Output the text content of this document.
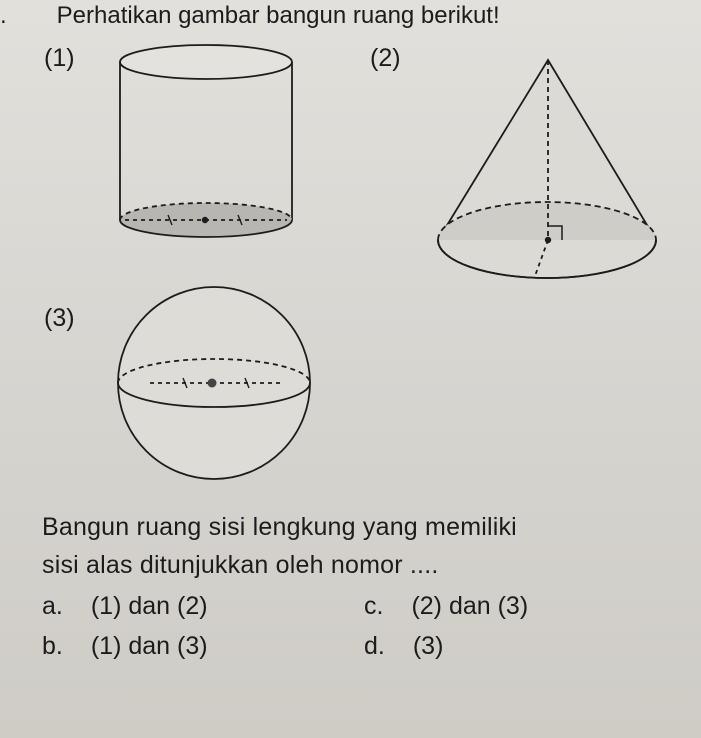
. Perhatikan gambar bangun ruang berikut!
(1)	(2)
(3)
Bangun ruang sisi lengkung yang memiliki
sisi alas ditunjukkan oleh nomor ....
a. (1) dan (2)	c. (2) dan (3)
b. (1) dan (3)	d. (3)
